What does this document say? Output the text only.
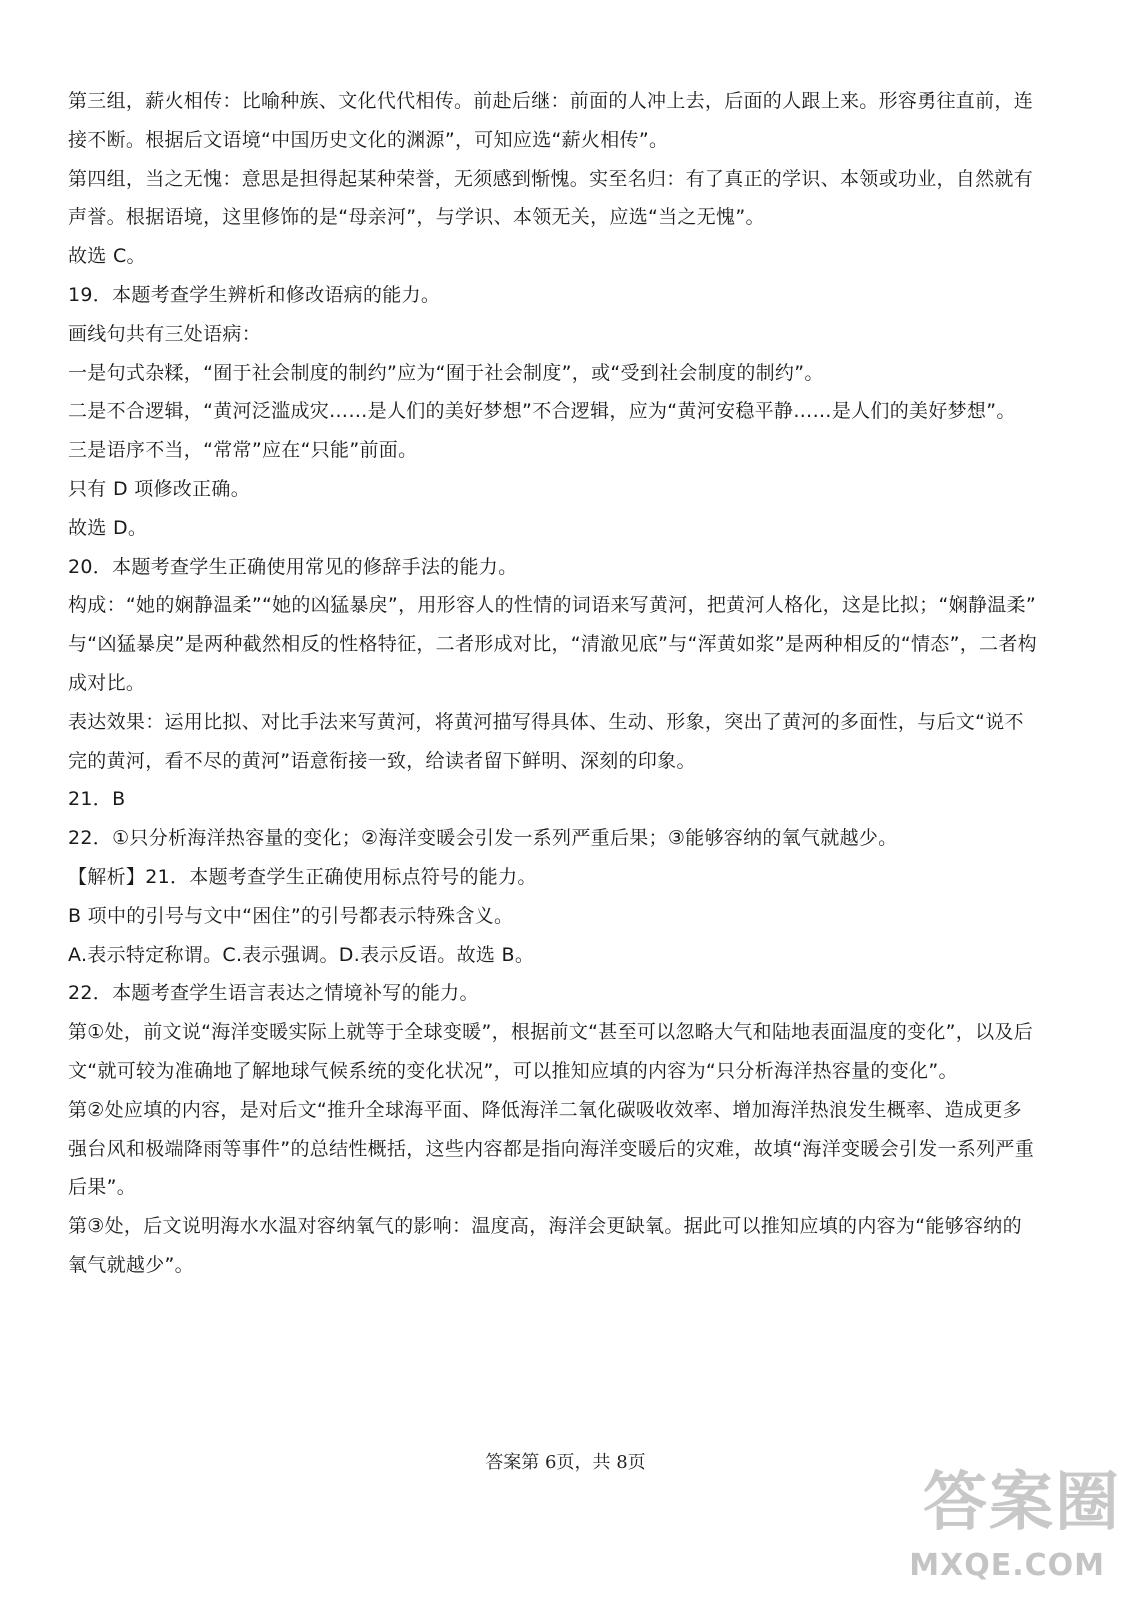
第三组，薪火相传：比喻种族、文化代代相传。前赴后继：前面的人冲上去，后面的人跟上来。形容勇往直前，连
接不断。根据后文语境“中国历史文化的渊源”，可知应选“薪火相传”。
第四组，当之无愧：意思是担得起某种荣誉，无须感到惭愧。实至名归：有了真正的学识、本领或功业，自然就有
声誉。根据语境，这里修饰的是“母亲河”，与学识、本领无关，应选“当之无愧”。
故选 C。
19．本题考查学生辨析和修改语病的能力。
画线句共有三处语病：
一是句式杂糅，“囿于社会制度的制约”应为“囿于社会制度”，或“受到社会制度的制约”。
二是不合逻辑，“黄河泛滥成灾……是人们的美好梦想”不合逻辑，应为“黄河安稳平静……是人们的美好梦想”。
三是语序不当，“常常”应在“只能”前面。
只有 D 项修改正确。
故选 D。
20．本题考查学生正确使用常见的修辞手法的能力。
构成：“她的娴静温柔”“她的凶猛暴戾”，用形容人的性情的词语来写黄河，把黄河人格化，这是比拟；“娴静温柔”
与“凶猛暴戾”是两种截然相反的性格特征，二者形成对比，“清澈见底”与“浑黄如浆”是两种相反的“情态”，二者构
成对比。
表达效果：运用比拟、对比手法来写黄河，将黄河描写得具体、生动、形象，突出了黄河的多面性，与后文“说不
完的黄河，看不尽的黄河”语意衔接一致，给读者留下鲜明、深刻的印象。
21．B
22．①只分析海洋热容量的变化；②海洋变暖会引发一系列严重后果；③能够容纳的氧气就越少。
【解析】21．本题考查学生正确使用标点符号的能力。
B 项中的引号与文中“困住”的引号都表示特殊含义。
A.表示特定称谓。C.表示强调。D.表示反语。故选 B。
22．本题考查学生语言表达之情境补写的能力。
第①处，前文说“海洋变暖实际上就等于全球变暖”，根据前文“甚至可以忽略大气和陆地表面温度的变化”，以及后
文“就可较为准确地了解地球气候系统的变化状况”，可以推知应填的内容为“只分析海洋热容量的变化”。
第②处应填的内容，是对后文“推升全球海平面、降低海洋二氧化碳吸收效率、增加海洋热浪发生概率、造成更多
强台风和极端降雨等事件”的总结性概括，这些内容都是指向海洋变暖后的灾难，故填“海洋变暖会引发一系列严重
后果”。
第③处，后文说明海水水温对容纳氧气的影响：温度高，海洋会更缺氧。据此可以推知应填的内容为“能够容纳的
氧气就越少”。
答案第 6页，共 8页
答案圈
MXQE.COM
